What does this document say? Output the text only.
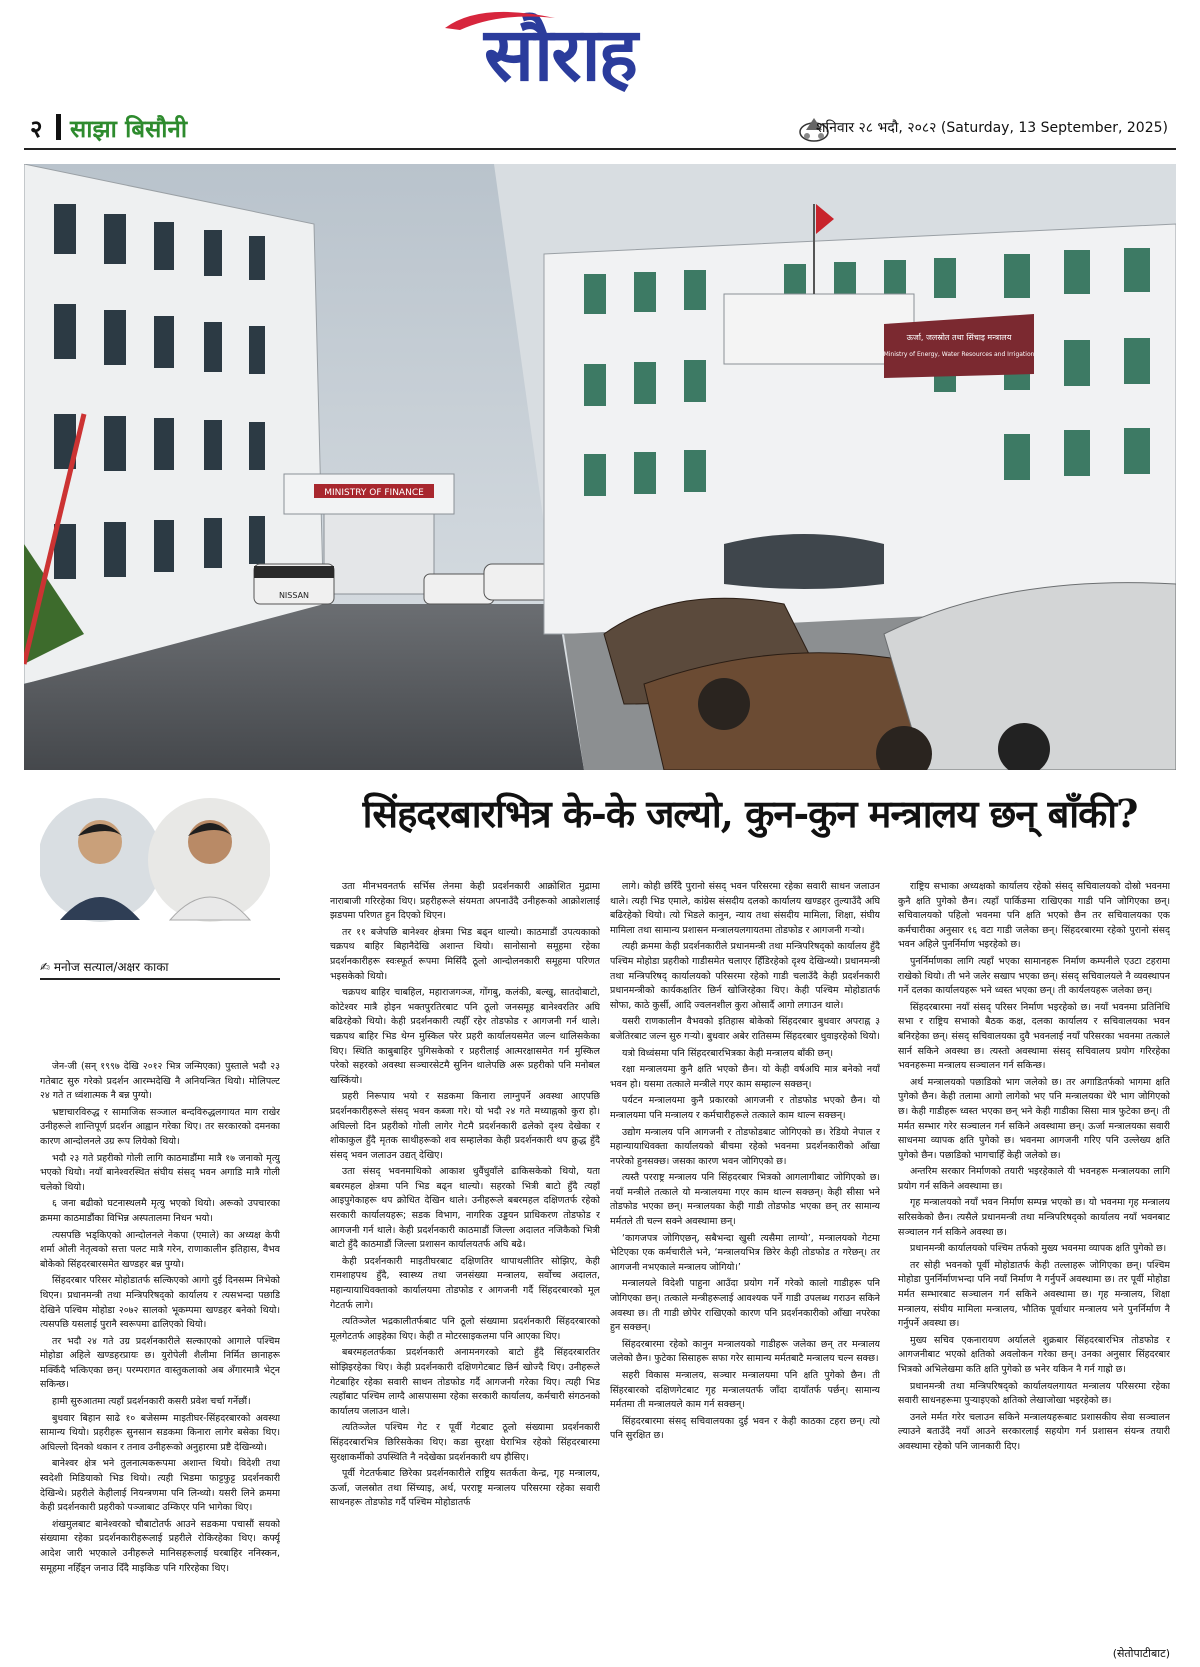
सौराह
२ साझा बिसौनी	शनिवार २८ भदौ, २०८२ (Saturday, 13 September, 2025)
MINISTRY OF FINANCE
NISSAN
ऊर्जा, जलस्रोत तथा सिंचाइ मन्त्रालय
Ministry of Energy, Water Resources and Irrigation
✍ मनोज सत्याल/अक्षर काका
सिंहदरबारभित्र के-के जल्यो, कुन-कुन मन्त्रालय छन् बाँकी?

जेन-जी (सन् १९९७ देखि २०१२ भित्र जन्मिएका) पुस्ताले भदौ २३ गतेबाट सुरु गरेको प्रदर्शन आरम्भदेखि नै अनियन्त्रित थियो। मोलिपल्ट २४ गते त ध्वंशात्मक नै बन्न पुग्यो।

भ्रष्टाचारविरुद्ध र सामाजिक सञ्जाल बन्दविरुद्धलगायत माग राखेर उनीहरूले शान्तिपूर्ण प्रदर्शन आह्वान गरेका थिए। तर सरकारको दमनका कारण आन्दोलनले उग्र रूप लियेको थियो।

भदौ २३ गते प्रहरीको गोली लागि काठमाडौंमा मात्रै १७ जनाको मृत्यु भएको थियो। नयाँ बानेश्वरस्थित संघीय संसद् भवन अगाडि मात्रै गोली चलेको थियो।

६ जना बढीको घटनास्थलमै मृत्यु भएको थियो। अरूको उपचारका क्रममा काठमाडौंका विभिन्न अस्पतालमा निधन भयो।

त्यसपछि भड्किएको आन्दोलनले नेकपा (एमाले) का अध्यक्ष केपी शर्मा ओली नेतृत्वको सत्ता पलट मात्रै गरेन, राणाकालीन इतिहास, वैभव बोकेको सिंहदरबारसमेत खण्डहर बन्न पुग्यो।

सिंहदरबार परिसर मोहोडातर्फ सल्किएको आगो दुई दिनसम्म निभेको थिएन। प्रधानमन्त्री तथा मन्त्रिपरिषद्को कार्यालय र त्यसभन्दा पछाडि देखिने पश्चिम मोहोडा २०७२ सालको भूकम्पमा खण्डहर बनेको थियो। त्यसपछि यसलाई पुरानै स्वरूपमा ढालिएको थियो।

तर भदौ २४ गते उग्र प्रदर्शनकारीले सल्काएको आगाले पश्चिम मोहोडा अहिले खण्डहरप्रायः छ। युरोपेली शैलीमा निर्मित छानाहरू मक्किँदै भत्किएका छन्। परम्परागत वास्तुकलाको अब अँगारमात्रै भेट्न सकिन्छ।

हामी सुरुआतमा त्यहाँ प्रदर्शनकारी कसरी प्रवेश चर्चा गर्नेछौं।

बुधवार बिहान साढे १० बजेसम्म माइतीघर-सिंहदरबारको अवस्था सामान्य थियो। प्रहरीहरू सुनसान सडकमा किनारा लागेर बसेका थिए। अघिल्लो दिनको थकान र तनाव उनीहरूको अनुहारमा प्रष्टै देखिन्थ्यो।

बानेश्वर क्षेत्र भने तुलनात्मकरूपमा अशान्त थियो। विदेशी तथा स्वदेशी मिडियाको भिड थियो। त्यही भिडमा फाट्टफुट्ट प्रदर्शनकारी देखिन्थे। प्रहरीले केहीलाई नियन्त्रणमा पनि लिन्थ्यो। यसरी लिने क्रममा केही प्रदर्शनकारी प्रहरीको पञ्जाबाट उम्किएर पनि भागेका थिए।

शंखमुलबाट बानेश्वरको चौबाटोतर्फ आउने सडकमा पचासौं सयको संख्यामा रहेका प्रदर्शनकारीहरूलाई प्रहरीले रोकिरहेका थिए। कर्फ्यू आदेश जारी भएकाले उनीहरूले मानिसहरूलाई घरबाहिर ननिस्कन, समूहमा नहिँड्न जनाउ दिँदै माइकिङ पनि गरिरहेका थिए।

उता मीनभवनतर्फ सर्भिस लेनमा केही प्रदर्शनकारी आक्रोशित मुद्रामा नाराबाजी गरिरहेका थिए। प्रहरीहरूले संयमता अपनाउँदै उनीहरूको आक्रोशलाई झडपमा परिणत हुन दिएको थिएन।

तर ११ बजेपछि बानेश्वर क्षेत्रमा भिड बढ्न थाल्यो। काठमाडौं उपत्यकाको चक्रपथ बाहिर बिहानैदेखि अशान्त थियो। सानोसानो समूहमा रहेका प्रदर्शनकारीहरू स्वःस्फूर्त रूपमा मिसिँदै ठूलो आन्दोलनकारी समूहमा परिणत भइसकेको थियो।

चक्रपथ बाहिर चाबहिल, महाराजगञ्ज, गोंगबु, कलंकी, बल्खु, सातदोबाटो, कोटेश्वर मात्रै होइन भक्तपुरतिरबाट पनि ठूलो जनसमूह बानेश्वरतिर अघि बढिरहेको थियो। केही प्रदर्शनकारी त्यहीँ रहेर तोडफोड र आगजनी गर्न थाले। चक्रपथ बाहिर भिड थेग्न मुस्किल परेर प्रहरी कार्यालयसमेत जल्न थालिसकेका थिए। स्थिति काबुबाहिर पुगिसकेको र प्रहरीलाई आत्मरक्षासमेत गर्न मुस्किल परेको सहरको अवस्था सञ्चारसेटमै सुनिन थालेपछि अरू प्रहरीको पनि मनोबल खस्किंयो।

प्रहरी निरूपाय भयो र सडकमा किनारा लाग्नुपर्ने अवस्था आएपछि प्रदर्शनकारीहरूले संसद् भवन कब्जा गरे। यो भदौ २४ गते मध्याह्नको कुरा हो। अघिल्लो दिन प्रहरीको गोली लागेर गेटमै प्रदर्शनकारी ढलेको दृश्य देखेका र शोकाकुल हुँदै मृतक साथीहरूको शव सम्हालेका केही प्रदर्शनकारी थप क्रुद्ध हुँदै संसद् भवन जलाउन उद्यत् देखिए।

उता संसद् भवनमाथिको आकाश धुवैंधुवाँले ढाकिसकेको थियो, यता बबरमहल क्षेत्रमा पनि भिड बढ्न थाल्यो। सहरको भित्री बाटो हुँदै त्यहाँ आइपुगेकाहरू थप क्रोधित देखिन थाले। उनीहरूले बबरमहल दक्षिणतर्फ रहेको सरकारी कार्यालयहरू; सडक विभाग, नागरिक उड्डयन प्राधिकरण तोडफोड र आगजनी गर्न थाले। केही प्रदर्शनकारी काठमाडौं जिल्ला अदालत नजिकैको भित्री बाटो हुँदै काठमाडौं जिल्ला प्रशासन कार्यालयतर्फ अघि बढे।

केही प्रदर्शनकारी माइतीघरबाट दक्षिणतिर थापाथलीतिर सोझिए, केही रामशाहपथ हुँदै, स्वास्थ्य तथा जनसंख्या मन्त्रालय, सर्वोच्च अदालत, महान्यायाधिवक्ताको कार्यालयमा तोडफोड र आगजनी गर्दै सिंहदरबारको मूल गेटतर्फ लागे।

त्यतिञ्जेल भद्रकालीतर्फबाट पनि ठूलो संख्यामा प्रदर्शनकारी सिंहदरबारको मूलगेटतर्फ आइहेका थिए। केही त मोटरसाइकलमा पनि आएका थिए।

बबरमहलतर्फका प्रदर्शनकारी अनामनगरको बाटो हुँदै सिंहदरबारतिर सोझिइरहेका थिए। केही प्रदर्शनकारी दक्षिणगेटबाट छिर्न खोज्दै थिए। उनीहरूले गेटबाहिर रहेका सवारी साधन तोडफोड गर्दै आगजनी गरेका थिए। त्यही भिड त्यहाँबाट पश्चिम लाग्दै आसपासमा रहेका सरकारी कार्यालय, कर्मचारी संगठनको कार्यालय जलाउन थाले।

त्यतिञ्जेल पश्चिम गेट र पूर्वी गेटबाट ठूलो संख्यामा प्रदर्शनकारी सिंहदरबारभित्र छिरिसकेका थिए। कडा सुरक्षा घेराभित्र रहेको सिंहदरबारमा सुरक्षाकर्मीको उपस्थिति नै नदेखेका प्रदर्शनकारी थप हौसिए।

पूर्वी गेटतर्फबाट छिरेका प्रदर्शनकारीले राष्ट्रिय सतर्कता केन्द्र, गृह मन्त्रालय, ऊर्जा, जलस्रोत तथा सिंच्याइ, अर्थ, परराष्ट्र मन्त्रालय परिसरमा रहेका सवारी साधनहरू तोडफोड गर्दै पश्चिम मोहोडातर्फ

लागे। कोही छरिँदै पुरानो संसद् भवन परिसरमा रहेका सवारी साधन जलाउन थाले। त्यही भिड एमाले, कांग्रेस संसदीय दलको कार्यालय खण्डहर तुल्याउँदै अघि बढिरहेको थियो। त्यो भिडले कानुन, न्याय तथा संसदीय मामिला, शिक्षा, संघीय मामिला तथा सामान्य प्रशासन मन्त्रालयलगायतमा तोडफोड र आगजनी गऱ्यो।

त्यही क्रममा केही प्रदर्शनकारीले प्रधानमन्त्री तथा मन्त्रिपरिषद्को कार्यालय हुँदै पश्चिम मोहोडा प्रहरीको गाडीसमेत चलाएर हिँडिरहेको दृश्य देखिन्थ्यो। प्रधानमन्त्री तथा मन्त्रिपरिषद् कार्यालयको परिसरमा रहेको गाडी चलाउँदै केही प्रदर्शनकारी प्रधानमन्त्रीको कार्यकक्षतिर छिर्न खोजिरहेका थिए। केही पश्चिम मोहोडातर्फ सोफा, काठे कुर्सी, आदि ज्वलनशील कुरा ओसार्दै आगो लगाउन थाले।

यसरी राणकालीन वैभवको इतिहास बोकेको सिंहदरबार बुधवार अपराह्न ३ बजेतिरबाट जल्न सुरु गऱ्यो। बुधवार अबेर रातिसम्म सिंहदरबार धुवाइरहेको थियो।

यत्रो विध्वंसमा पनि सिंहदरबारभित्रका केही मन्त्रालय बाँकी छन्।

रक्षा मन्त्रालयमा कुनै क्षति भएको छैन। यो केही वर्षअघि मात्र बनेको नयाँ भवन हो। यसमा तत्काले मन्त्रीले गएर काम सम्हाल्न सक्छन्।

पर्यटन मन्त्रालयमा कुनै प्रकारको आगजनी र तोडफोड भएको छैन। यो मन्त्रालयमा पनि मन्त्रालय र कर्मचारीहरूले तत्काले काम थाल्न सक्छन्।

उद्योग मन्त्रालय पनि आगजनी र तोडफोडबाट जोगिएको छ। रेडियो नेपाल र महान्यायाधिवक्ता कार्यालयको बीचमा रहेको भवनमा प्रदर्शनकारीको आँखा नपरेको हुनसक्छ। जसका कारण भवन जोगिएको छ।

त्यस्तै परराष्ट्र मन्त्रालय पनि सिंहदरबार भित्रको आगलागीबाट जोगिएको छ। नयाँ मन्त्रीले तत्काले यो मन्त्रालयमा गएर काम थाल्न सक्छन्। केही सीसा भने तोडफोड भएका छन्। मन्त्रालयका केही गाडी तोडफोड भएका छन् तर सामान्य मर्मतले ती चल्न सक्ने अवस्थामा छन्।

‘कागजपत्र जोगिएछन्, सबैभन्दा खुसी त्यसैमा लाग्यो’, मन्त्रालयको गेटमा भेटिएका एक कर्मचारीले भने, ‘मन्त्रालयभित्र छिरेर केही तोडफोड त गरेछन्। तर आगजनी नभएकाले मन्त्रालय जोगियो।’

मन्त्रालयले विदेशी पाहुना आउँदा प्रयोग गर्ने गरेको कालो गाडीहरू पनि जोगिएका छन्। तत्काले मन्त्रीहरूलाई आवश्यक पर्ने गाडी उपलब्ध गराउन सकिने अवस्था छ। ती गाडी छोपेर राखिएको कारण पनि प्रदर्शनकारीको आँखा नपरेका हुन सक्छन्।

सिंहदरबारमा रहेको कानुन मन्त्रालयको गाडीहरू जलेका छन् तर मन्त्रालय जलेको छैन। फुटेका सिसाहरू सफा गरेर सामान्य मर्मतबाटै मन्त्रालय चल्न सक्छ।

सहरी विकास मन्त्रालय, सञ्चार मन्त्रालयमा पनि क्षति पुगेको छैन। ती सिंहरबारको दक्षिणगेटबाट गृह मन्त्रालयतर्फ जाँदा दायाँतर्फ पर्छन्। सामान्य मर्मतमा ती मन्त्रालयले काम गर्न सक्छन्।

सिंहदरबारमा संसद् सचिवालयका दुई भवन र केही काठका टहरा छन्। त्यो पनि सुरक्षित छ।

राष्ट्रिय सभाका अध्यक्षको कार्यालय रहेको संसद् सचिवालयको दोस्रो भवनमा कुनै क्षति पुगेको छैन। त्यहाँ पार्किङमा राखिएका गाडी पनि जोगिएका छन्। सचिवालयको पहिलो भवनमा पनि क्षति भएको छैन तर सचिवालयका एक कर्मचारीका अनुसार १६ वटा गाडी जलेका छन्। सिंहदरबारमा रहेको पुरानो संसद् भवन अहिले पुनर्निर्माण भइरहेको छ।

पुनर्निर्माणका लागि त्यहाँ भएका सामानहरू निर्माण कम्पनीले एउटा टहरामा राखेको थियो। ती भने जलेर सखाप भएका छन्। संसद् सचिवालयले नै व्यवस्थापन गर्ने दलका कार्यालयहरू भने ध्वस्त भएका छन्। ती कार्यलयहरू जलेका छन्।

सिंहदरबारमा नयाँ संसद् परिसर निर्माण भइरहेको छ। नयाँ भवनमा प्रतिनिधि सभा र राष्ट्रिय सभाको बैठक कक्ष, दलका कार्यालय र सचिवालयका भवन बनिरहेका छन्। संसद् सचिवालयका दुवै भवनलाई नयाँ परिसरका भवनमा तत्काले सार्न सकिने अवस्था छ। त्यस्तो अवस्थामा संसद् सचिवालय प्रयोग गरिरहेका भवनहरूमा मन्त्रालय सञ्चालन गर्न सकिन्छ।

अर्थ मन्त्रालयको पछाडिको भाग जलेको छ। तर अगाडितर्फको भागमा क्षति पुगेको छैन। केही तलामा आगो लागेको भए पनि मन्त्रालयका धेरै भाग जोगिएको छ। केही गाडीहरू ध्वस्त भएका छन् भने केही गाडीका सिसा मात्र फुटेका छन्। ती मर्मत सम्भार गरेर सञ्चालन गर्न सकिने अवस्थामा छन्। ऊर्जा मन्त्रालयका सवारी साधनमा व्यापक क्षति पुगेको छ। भवनमा आगजनी गरिए पनि उल्लेख्य क्षति पुगेको छैन। पछाडिको भागचाहिँ केही जलेको छ।

अन्तरिम सरकार निर्माणको तयारी भइरहेकाले यी भवनहरू मन्त्रालयका लागि प्रयोग गर्न सकिने अवस्थामा छ।

गृह मन्त्रालयको नयाँ भवन निर्माण सम्पन्न भएको छ। यो भवनमा गृह मन्त्रालय सरिसकेको छैन। त्यसैले प्रधानमन्त्री तथा मन्त्रिपरिषद्को कार्यालय नयाँ भवनबाट सञ्चालन गर्न सकिने अवस्था छ।

प्रधानमन्त्री कार्यालयको पश्चिम तर्फको मुख्य भवनमा व्यापक क्षति पुगेको छ।

तर सोही भवनको पूर्वी मोहोडातर्फ केही तल्लाहरू जोगिएका छन्। पश्चिम मोहोडा पुनर्निर्माणभन्दा पनि नयाँ निर्माण नै गर्नुपर्ने अवस्थामा छ। तर पूर्वी मोहोडा मर्मत सम्भारबाट सञ्चालन गर्न सकिने अवस्थामा छ। गृह मन्त्रालय, शिक्षा मन्त्रालय, संघीय मामिला मन्त्रालय, भौतिक पूर्वाधार मन्त्रालय भने पुनर्निर्माण नै गर्नुपर्ने अवस्था छ।

मुख्य सचिव एकनारायण अर्यालले शुक्रबार सिंहदरबारभित्र तोडफोड र आगजनीबाट भएको क्षतिको अवलोकन गरेका छन्। उनका अनुसार सिंहदरबार भित्रको अभिलेखमा कति क्षति पुगेको छ भनेर यकिन नै गर्न गाह्रो छ।

प्रधानमन्त्री तथा मन्त्रिपरिषद्को कार्यालयलगायत मन्त्रालय परिसरमा रहेका सवारी साधनहरूमा पुऱ्याइएको क्षतिको लेखाजोखा भइरहेको छ।

उनले मर्मत गरेर चलाउन सकिने मन्त्रालयहरूबाट प्रशासकीय सेवा सञ्चालन ल्याउने बताउँदै नयाँ आउने सरकारलाई सहयोग गर्न प्रशासन संयन्त्र तयारी अवस्थामा रहेको पनि जानकारी दिए।

(सेतोपाटीबाट)
